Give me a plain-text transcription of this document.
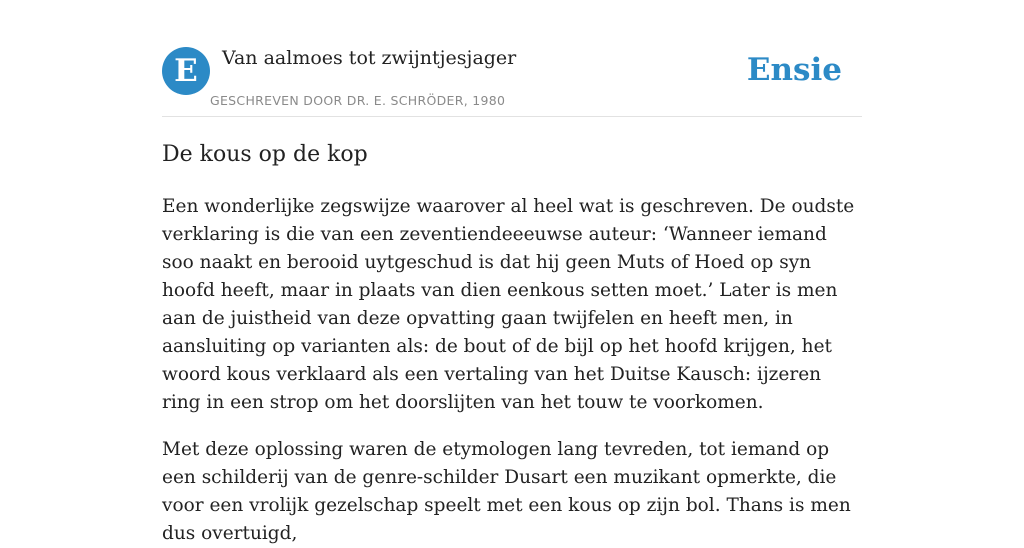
E	Van aalmoes tot zwijntjesjager
GESCHREVEN DOOR DR. E. SCHRÖDER, 1980
Ensie
De kous op de kop

Een wonderlijke zegswijze waarover al heel wat is geschreven. De oudste verklaring is die van een zeventiendeeeuwse auteur: ‘Wanneer iemand soo naakt en berooid uytgeschud is dat hij geen Muts of Hoed op syn hoofd heeft, maar in plaats van dien eenkous setten moet.’ Later is men aan de juistheid van deze opvatting gaan twijfelen en heeft men, in aansluiting op varianten als: de bout of de bijl op het hoofd krijgen, het woord kous verklaard als een vertaling van het Duitse Kausch: ijzeren ring in een strop om het doorslijten van het touw te voorkomen.

Met deze oplossing waren de etymologen lang tevreden, tot iemand op een schilderij van de genre-schilder Dusart een muzikant opmerkte, die voor een vrolijk gezelschap speelt met een kous op zijn bol. Thans is men dus overtuigd,
